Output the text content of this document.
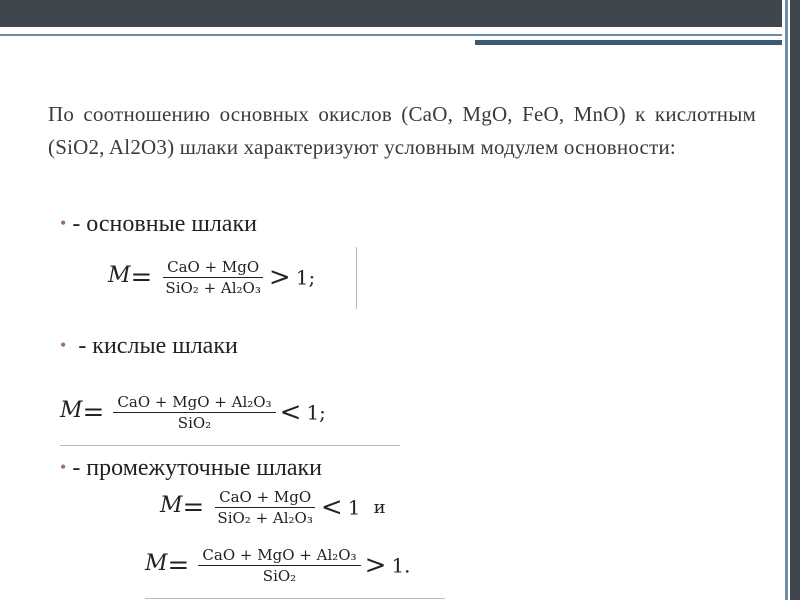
По соотношению основных окислов (CaO, MgO, FeO, MnO) к кислотным (SiO2, Al2O3) шлаки характеризуют условным модулем основности:
• - основные шлаки
$M= \frac{\text{CaO + MgO}}{\text{SiO₂ + Al₂O₃}} > 1$;
• - кислые шлаки
$M= \frac{\text{CaO + MgO + Al₂O₃}}{\text{SiO₂}} < 1$;
• - промежуточные шлаки
$M= \frac{\text{CaO + MgO}}{\text{SiO₂ + Al₂O₃}} < 1$ и
$M= \frac{\text{CaO + MgO + Al₂O₃}}{\text{SiO₂}} > 1$.
